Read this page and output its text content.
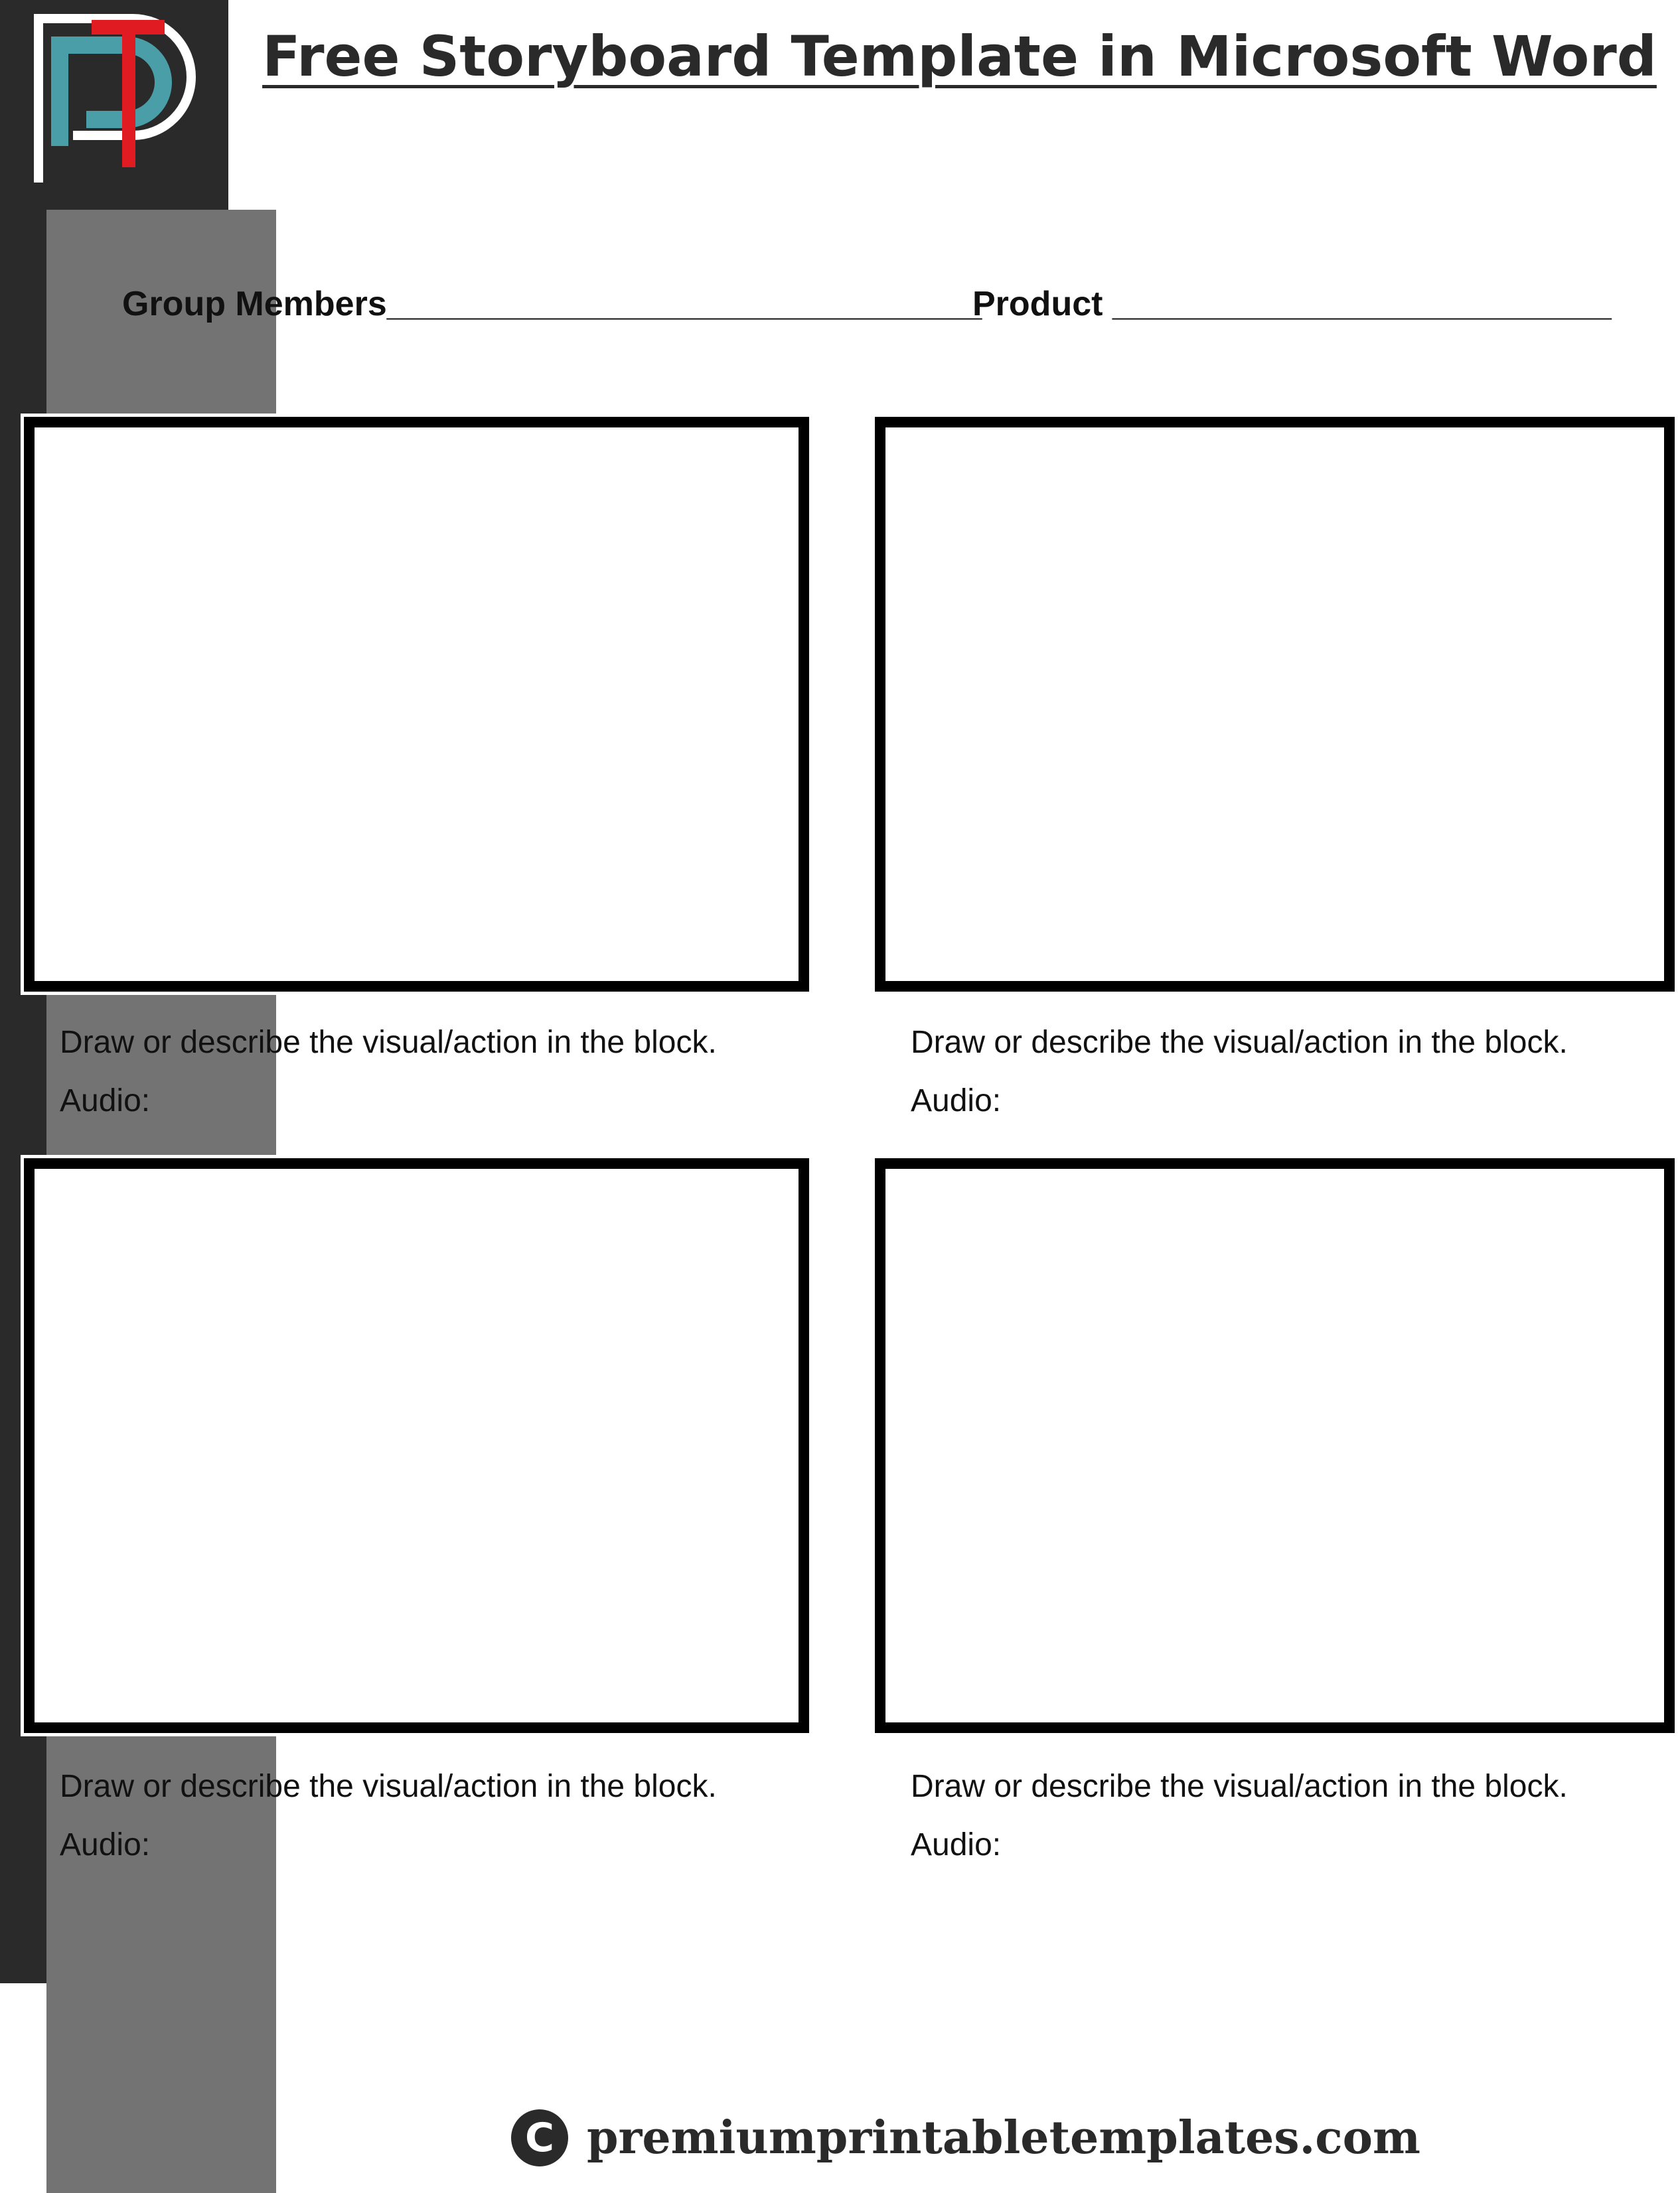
Free Storyboard Template in Microsoft Word
Group Members_______________________________
Product __________________________
Draw or describe the visual/action in the block.
Audio:
Draw or describe the visual/action in the block.
Audio:
Draw or describe the visual/action in the block.
Audio:
Draw or describe the visual/action in the block.
Audio:
C premiumprintabletemplates.com
